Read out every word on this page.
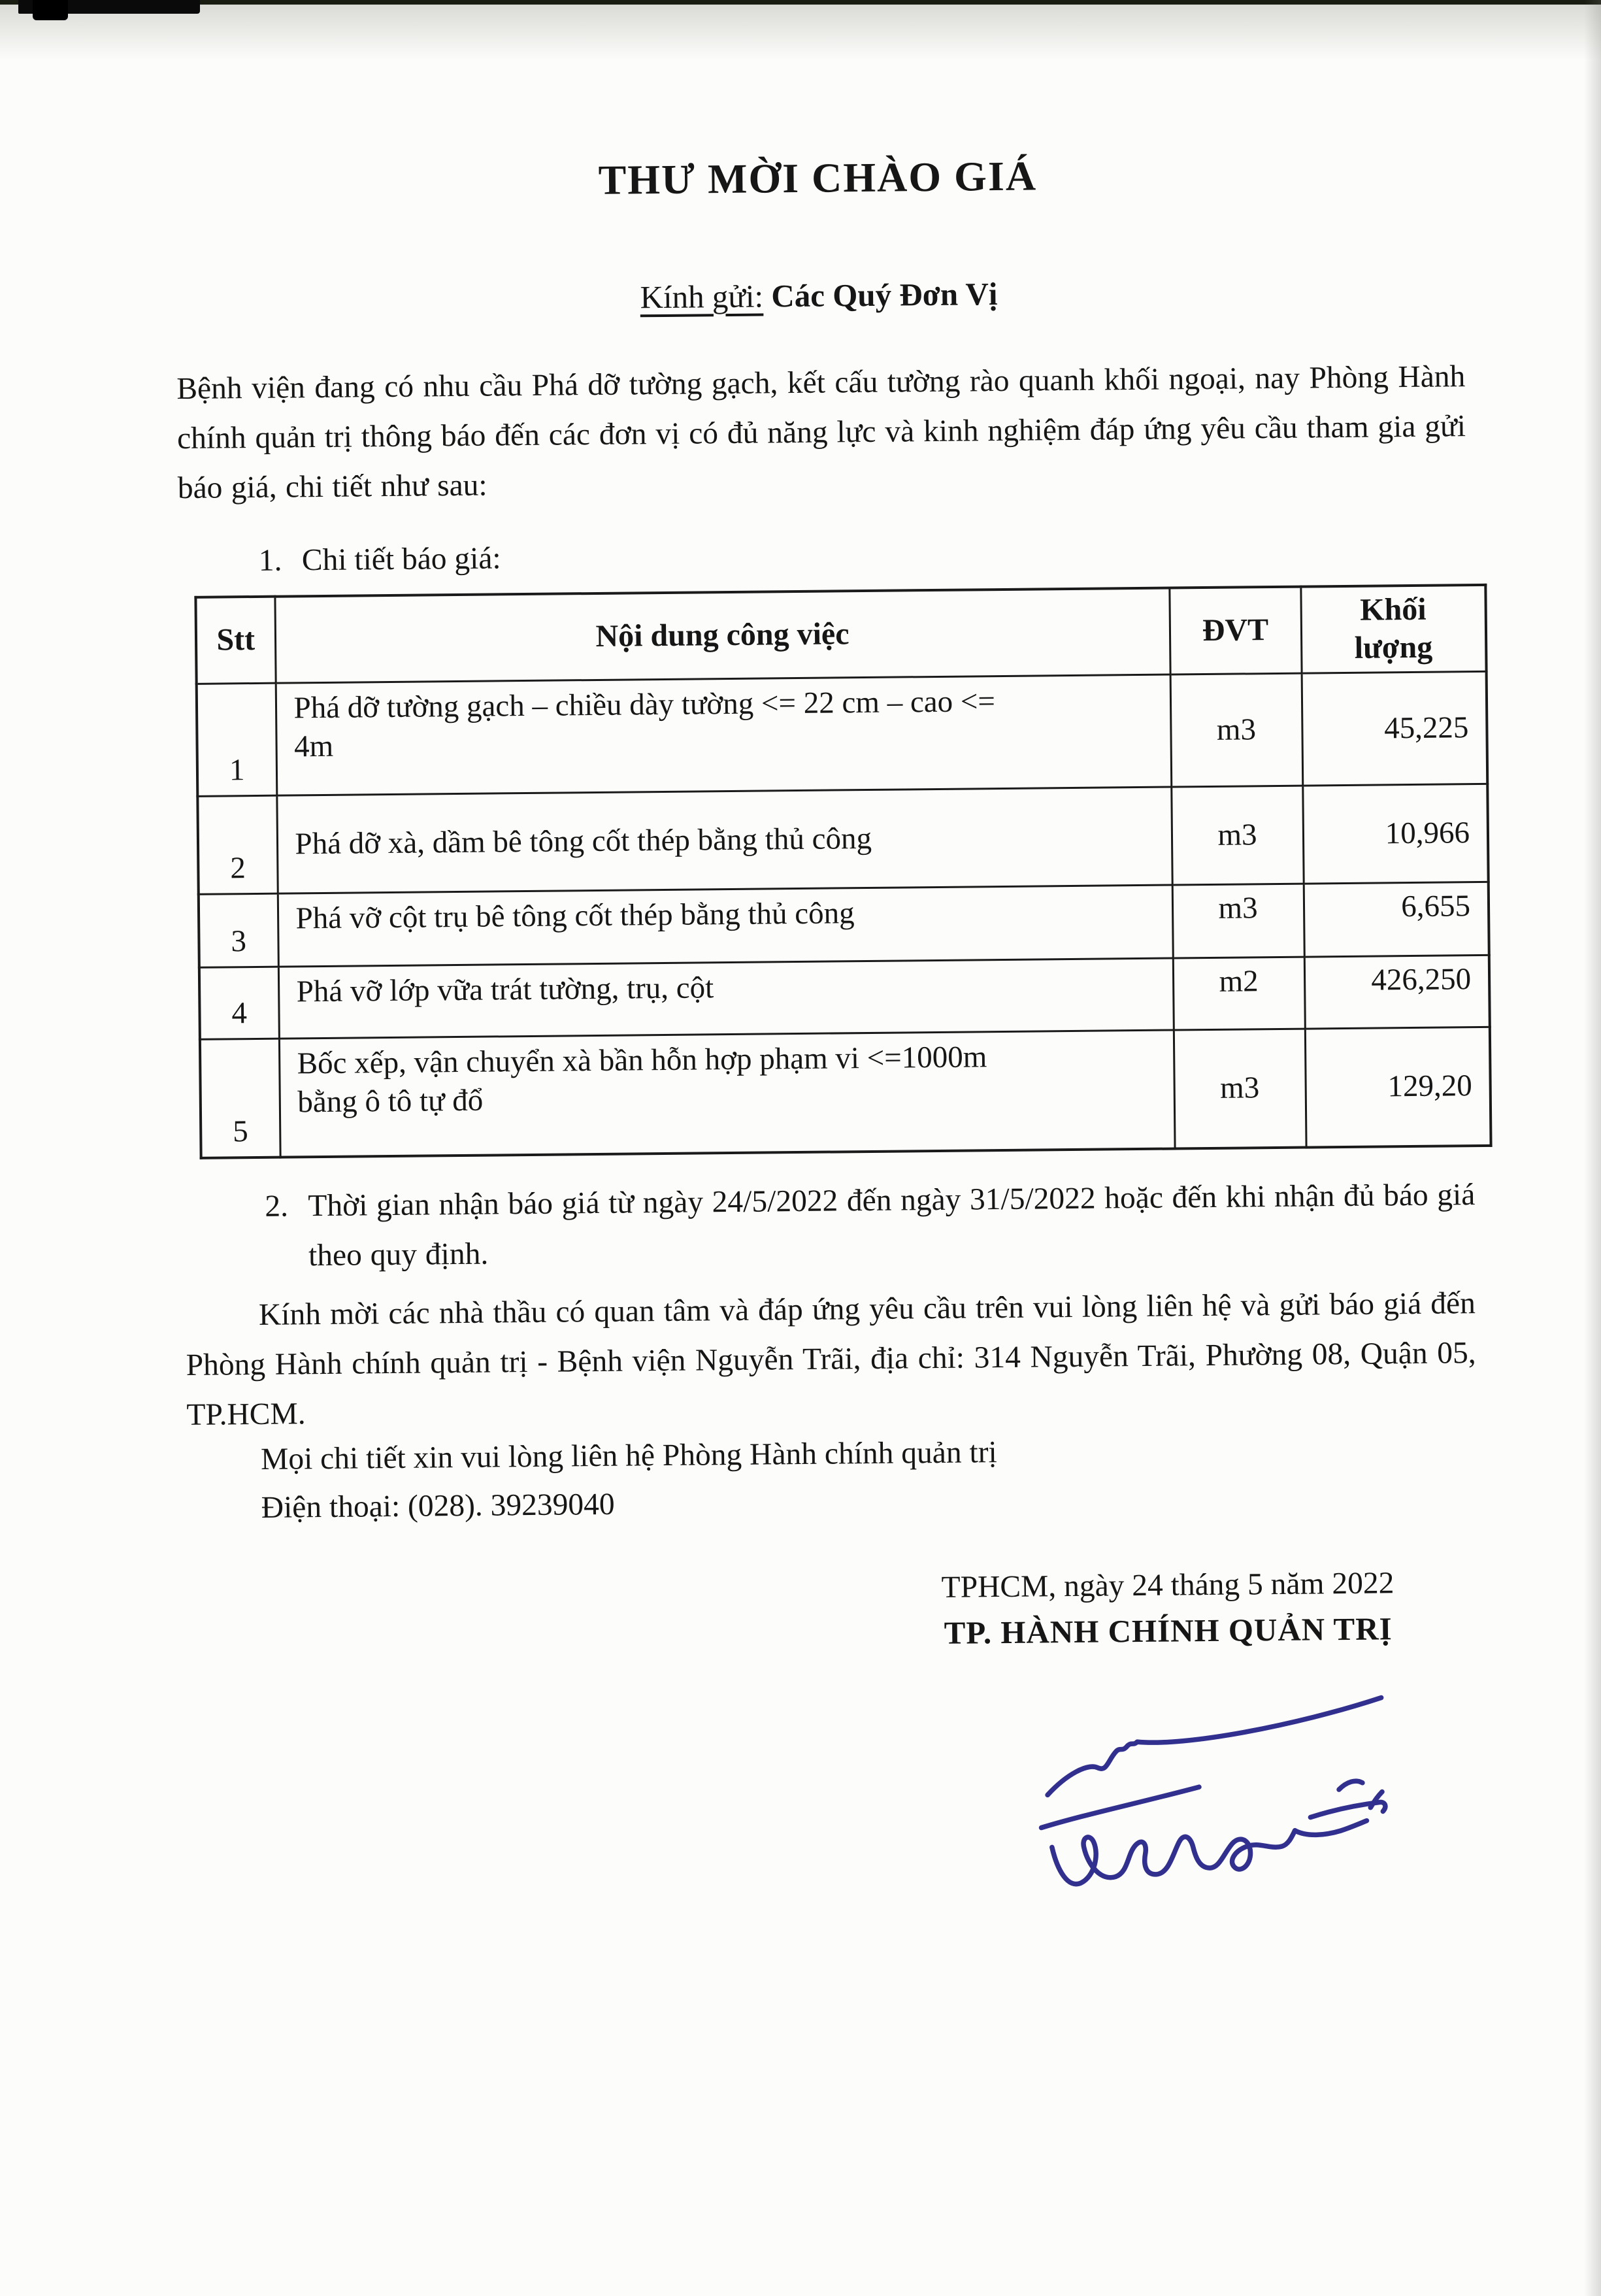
THƯ MỜI CHÀO GIÁ
Kính gửi: Các Quý Đơn Vị
Bệnh viện đang có nhu cầu Phá dỡ tường gạch, kết cấu tường rào quanh khối ngoại, nay Phòng Hành chính quản trị thông báo đến các đơn vị có đủ năng lực và kinh nghiệm đáp ứng yêu cầu tham gia gửi báo giá, chi tiết như sau:
1. Chi tiết báo giá:
Stt	Nội dung công việc	ĐVT	Khối lượng
1	Phá dỡ tường gạch – chiều dày tường <= 22 cm – cao <=
4m	m3	45,225
2	Phá dỡ xà, dầm bê tông cốt thép bằng thủ công	m3	10,966
3	Phá vỡ cột trụ bê tông cốt thép bằng thủ công	m3	6,655
4	Phá vỡ lớp vữa trát tường, trụ, cột	m2	426,250
5	Bốc xếp, vận chuyển xà bần hỗn hợp phạm vi <=1000m
bằng ô tô tự đổ	m3	129,20
2. Thời gian nhận báo giá từ ngày 24/5/2022 đến ngày 31/5/2022 hoặc đến khi nhận đủ báo giá theo quy định.
Kính mời các nhà thầu có quan tâm và đáp ứng yêu cầu trên vui lòng liên hệ và gửi báo giá đến Phòng Hành chính quản trị - Bệnh viện Nguyễn Trãi, địa chỉ: 314 Nguyễn Trãi, Phường 08, Quận 05, TP.HCM.
Mọi chi tiết xin vui lòng liên hệ Phòng Hành chính quản trị
Điện thoại: (028). 39239040
TPHCM, ngày 24 tháng 5 năm 2022
TP. HÀNH CHÍNH QUẢN TRỊ
